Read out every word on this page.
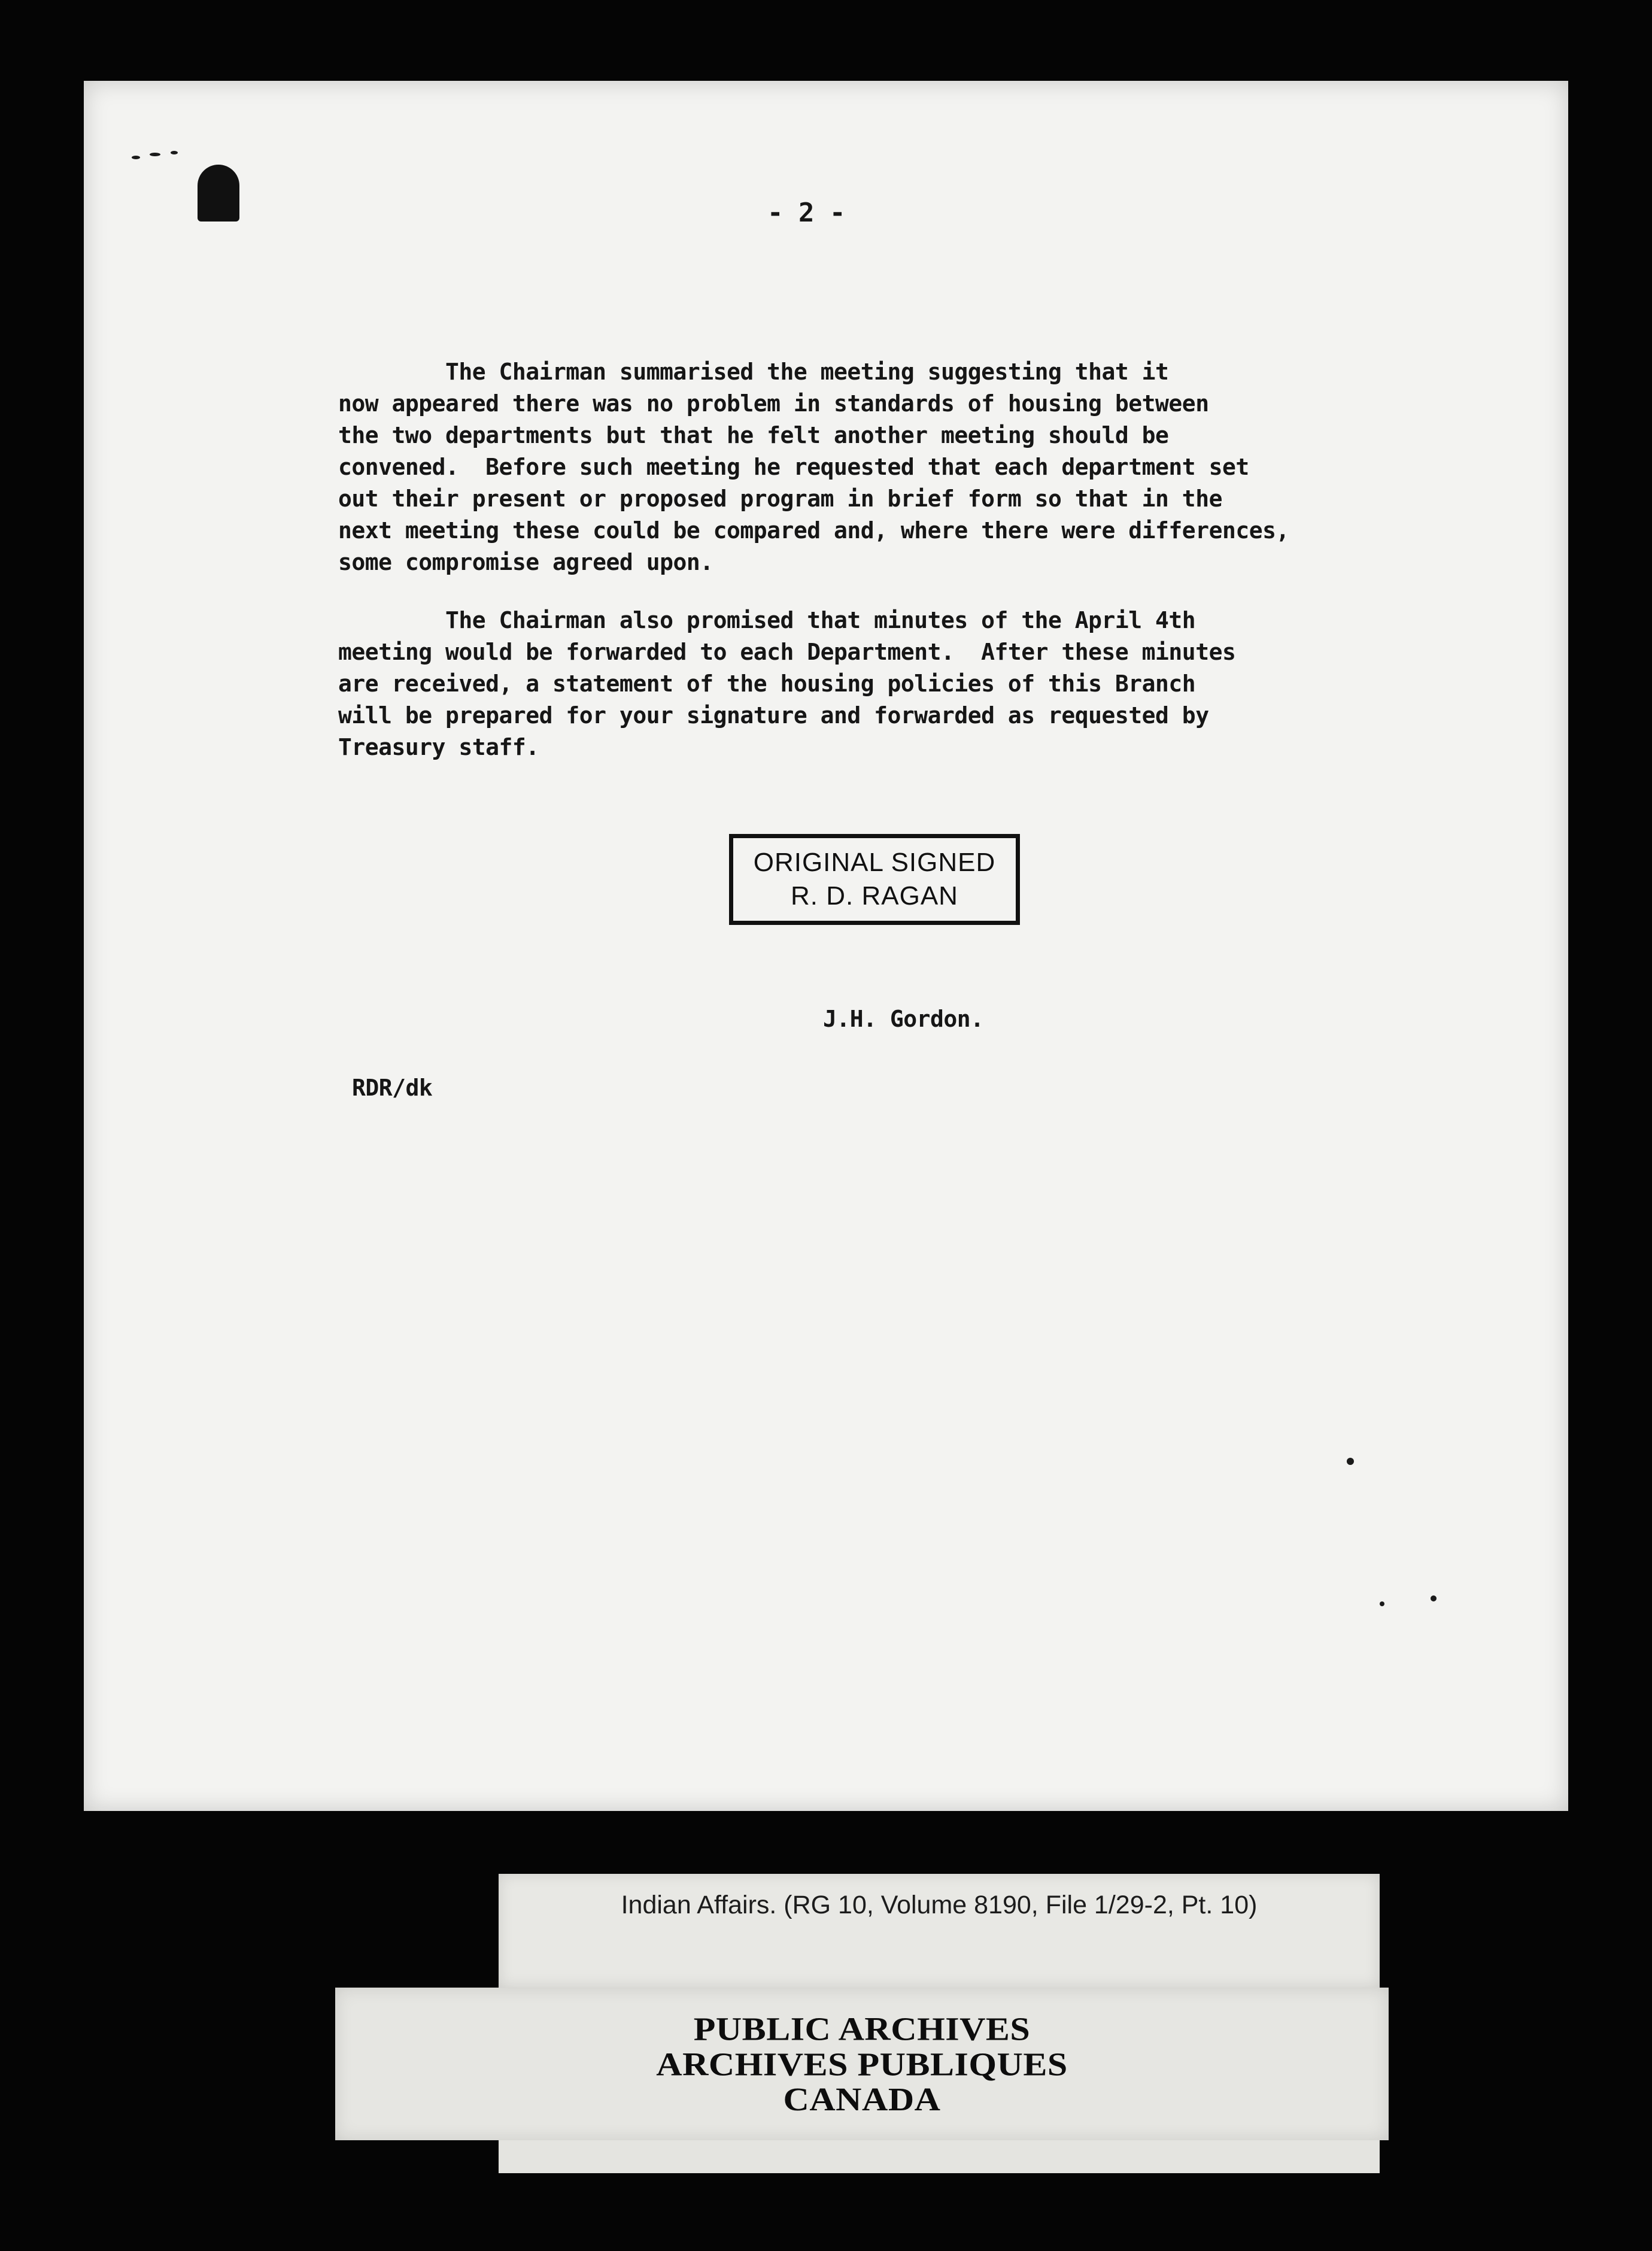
- 2 -
The Chairman summarised the meeting suggesting that it
now appeared there was no problem in standards of housing between
the two departments but that he felt another meeting should be
convened.  Before such meeting he requested that each department set
out their present or proposed program in brief form so that in the
next meeting these could be compared and, where there were differences,
some compromise agreed upon.
The Chairman also promised that minutes of the April 4th
meeting would be forwarded to each Department.  After these minutes
are received, a statement of the housing policies of this Branch
will be prepared for your signature and forwarded as requested by
Treasury staff.
ORIGINAL SIGNED
R. D. RAGAN
J.H. Gordon.
RDR/dk
Indian Affairs. (RG 10, Volume 8190, File 1/29-2, Pt. 10)
PUBLIC ARCHIVES
ARCHIVES PUBLIQUES
CANADA
